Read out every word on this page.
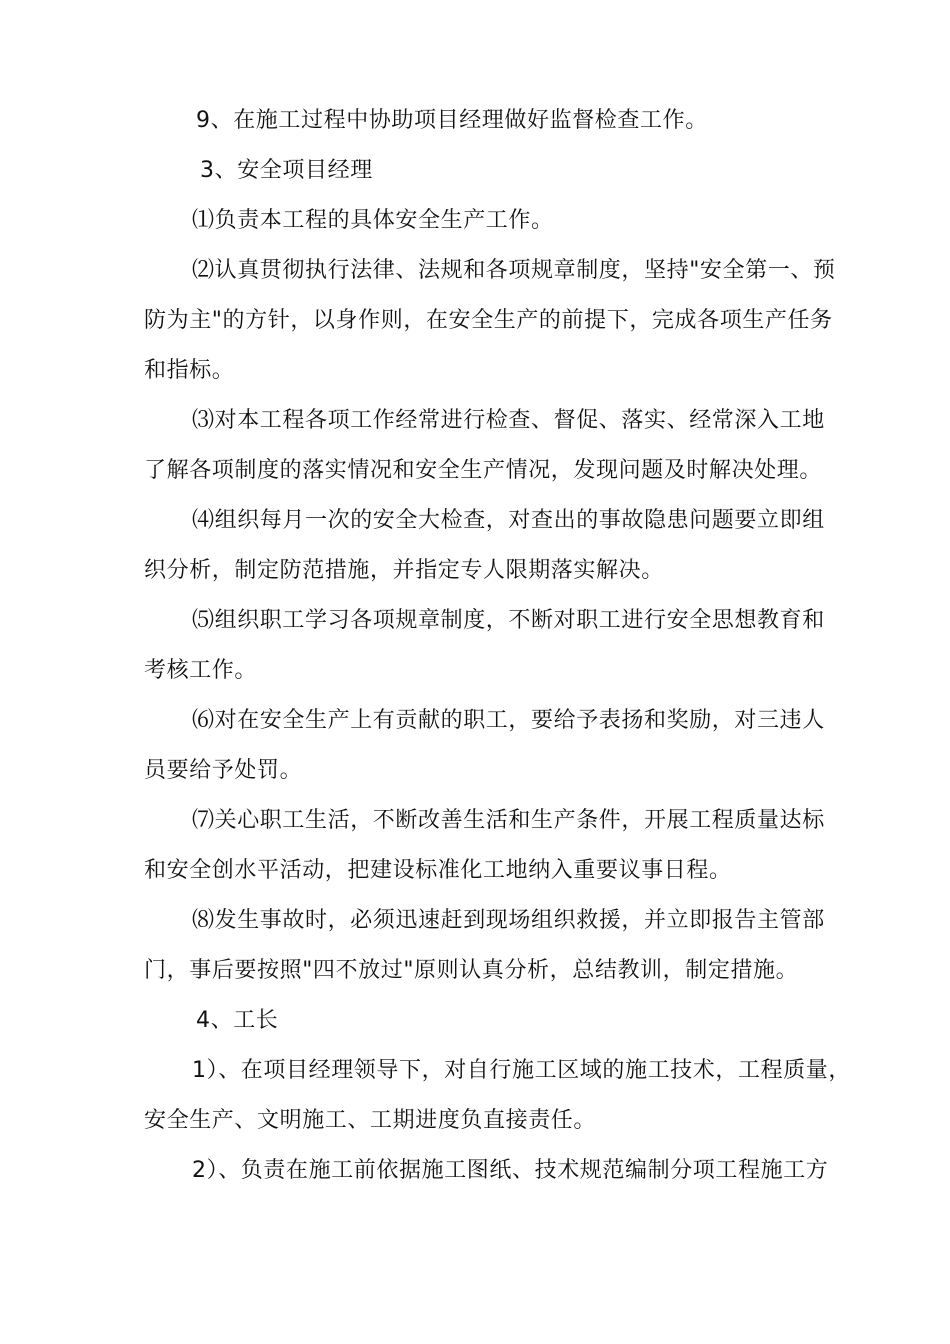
9、在施工过程中协助项目经理做好监督检查工作。
3、安全项目经理
⑴负责本工程的具体安全生产工作。
⑵认真贯彻执行法律、法规和各项规章制度，坚持"安全第一、预
防为主"的方针，以身作则，在安全生产的前提下，完成各项生产任务
和指标。
⑶对本工程各项工作经常进行检查、督促、落实、经常深入工地
了解各项制度的落实情况和安全生产情况，发现问题及时解决处理。
⑷组织每月一次的安全大检查，对查出的事故隐患问题要立即组
织分析，制定防范措施，并指定专人限期落实解决。
⑸组织职工学习各项规章制度，不断对职工进行安全思想教育和
考核工作。
⑹对在安全生产上有贡献的职工，要给予表扬和奖励，对三违人
员要给予处罚。
⑺关心职工生活，不断改善生活和生产条件，开展工程质量达标
和安全创水平活动，把建设标准化工地纳入重要议事日程。
⑻发生事故时，必须迅速赶到现场组织救援，并立即报告主管部
门，事后要按照"四不放过"原则认真分析，总结教训，制定措施。
4、工长
1）、在项目经理领导下，对自行施工区域的施工技术，工程质量，
安全生产、文明施工、工期进度负直接责任。
2）、负责在施工前依据施工图纸、技术规范编制分项工程施工方
